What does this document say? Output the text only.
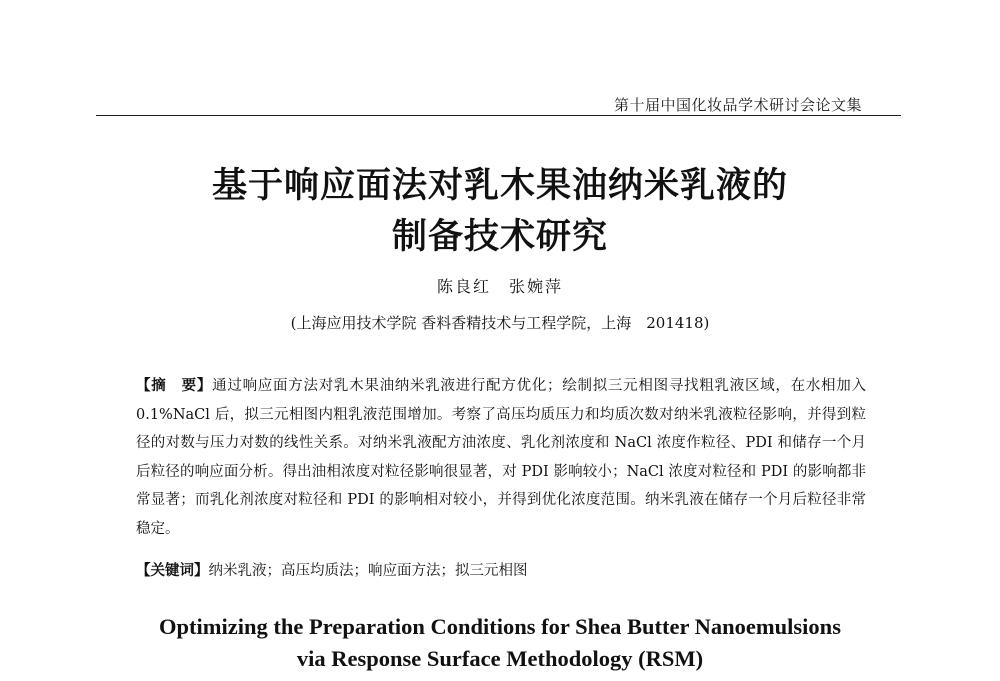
第十届中国化妆品学术研讨会论文集
基于响应面法对乳木果油纳米乳液的
制备技术研究
陈良红　张婉萍
(上海应用技术学院 香料香精技术与工程学院，上海　201418)
【摘　要】通过响应面方法对乳木果油纳米乳液进行配方优化；绘制拟三元相图寻找粗乳液区域，在水相加入 0.1%NaCl 后，拟三元相图内粗乳液范围增加。考察了高压均质压力和均质次数对纳米乳液粒径影响，并得到粒径的对数与压力对数的线性关系。对纳米乳液配方油浓度、乳化剂浓度和 NaCl 浓度作粒径、PDI 和储存一个月后粒径的响应面分析。得出油相浓度对粒径影响很显著，对 PDI 影响较小；NaCl 浓度对粒径和 PDI 的影响都非常显著；而乳化剂浓度对粒径和 PDI 的影响相对较小，并得到优化浓度范围。纳米乳液在储存一个月后粒径非常稳定。
【关键词】纳米乳液；高压均质法；响应面方法；拟三元相图
Optimizing the Preparation Conditions for Shea Butter Nanoemulsions
via Response Surface Methodology (RSM)
